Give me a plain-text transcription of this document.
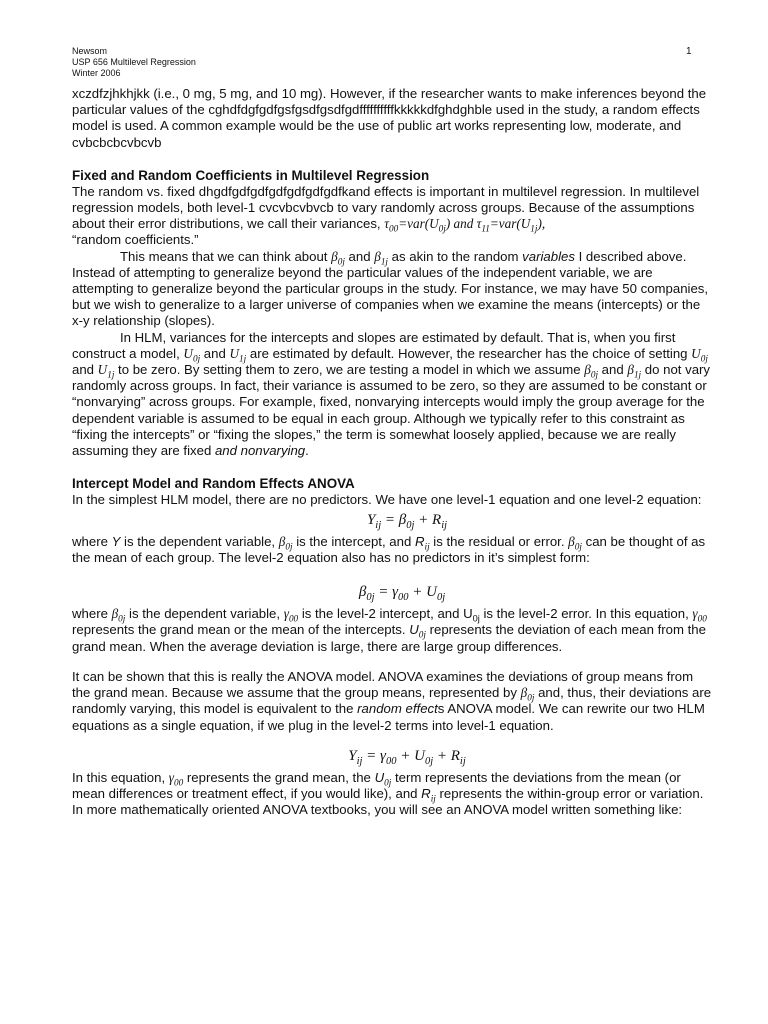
Newsom
USP 656 Multilevel Regression
Winter 2006
1

xczdfzjhkhjkk (i.e., 0 mg, 5 mg, and 10 mg). However, if the researcher wants to make inferences beyond the particular values of the cghdfdgfgdfgsfgsdfgsdfgdffffffffffkkkkkdfghdghble used in the study, a random effects model is used. A common example would be the use of public art works representing low, moderate, and cvbcbcbcvbcvb

Fixed and Random Coefficients in Multilevel Regression

The random vs. fixed dhgdfgdfgdfgdfgdfgdfgdfkand effects is important in multilevel regression. In multilevel regression models, both level-1 cvcvbcvbvcb to vary randomly across groups. Because of the assumptions about their error distributions, we call their variances, $\tau_{00}=var(U_{0j})$ and $\tau_{11}=var(U_{1j})$,
“random coefficients.”

This means that we can think about $\beta_{0j}$ and $\beta_{1j}$ as akin to the random variables I described above. Instead of attempting to generalize beyond the particular values of the independent variable, we are attempting to generalize beyond the particular groups in the study. For instance, we may have 50 companies, but we wish to generalize to a larger universe of companies when we examine the means (intercepts) or the x-y relationship (slopes).

In HLM, variances for the intercepts and slopes are estimated by default. That is, when you first construct a model, $U_{0j}$ and $U_{1j}$ are estimated by default. However, the researcher has the choice of setting $U_{0j}$ and $U_{1j}$ to be zero. By setting them to zero, we are testing a model in which we assume $\beta_{0j}$ and $\beta_{1j}$ do not vary randomly across groups. In fact, their variance is assumed to be zero, so they are assumed to be constant or “nonvarying” across groups. For example, fixed, nonvarying intercepts would imply the group average for the dependent variable is assumed to be equal in each group. Although we typically refer to this constraint as “fixing the intercepts” or “fixing the slopes,” the term is somewhat loosely applied, because we are really assuming they are fixed and nonvarying.

Intercept Model and Random Effects ANOVA

In the simplest HLM model, there are no predictors. We have one level-1 equation and one level-2 equation:

$Y_{ij} = \beta_{0j} + R_{ij}$

where Y is the dependent variable, $\beta_{0j}$ is the intercept, and $R_{ij}$ is the residual or error. $\beta_{0j}$ can be thought of as the mean of each group. The level-2 equation also has no predictors in it’s simplest form:

$\beta_{0j} = \gamma_{00} + U_{0j}$

where $\beta_{0j}$ is the dependent variable, $\gamma_{00}$ is the level-2 intercept, and $U_{0j}$ is the level-2 error. In this equation, $\gamma_{00}$ represents the grand mean or the mean of the intercepts. $U_{0j}$ represents the deviation of each mean from the grand mean. When the average deviation is large, there are large group differences.

It can be shown that this is really the ANOVA model. ANOVA examines the deviations of group means from the grand mean. Because we assume that the group means, represented by $\beta_{0j}$ and, thus, their deviations are randomly varying, this model is equivalent to the random effects ANOVA model. We can rewrite our two HLM equations as a single equation, if we plug in the level-2 terms into level-1 equation.

$Y_{ij} = \gamma_{00} + U_{0j} + R_{ij}$

In this equation, $\gamma_{00}$ represents the grand mean, the $U_{0j}$ term represents the deviations from the mean (or mean differences or treatment effect, if you would like), and $R_{ij}$ represents the within-group error or variation. In more mathematically oriented ANOVA textbooks, you will see an ANOVA model written something like:
